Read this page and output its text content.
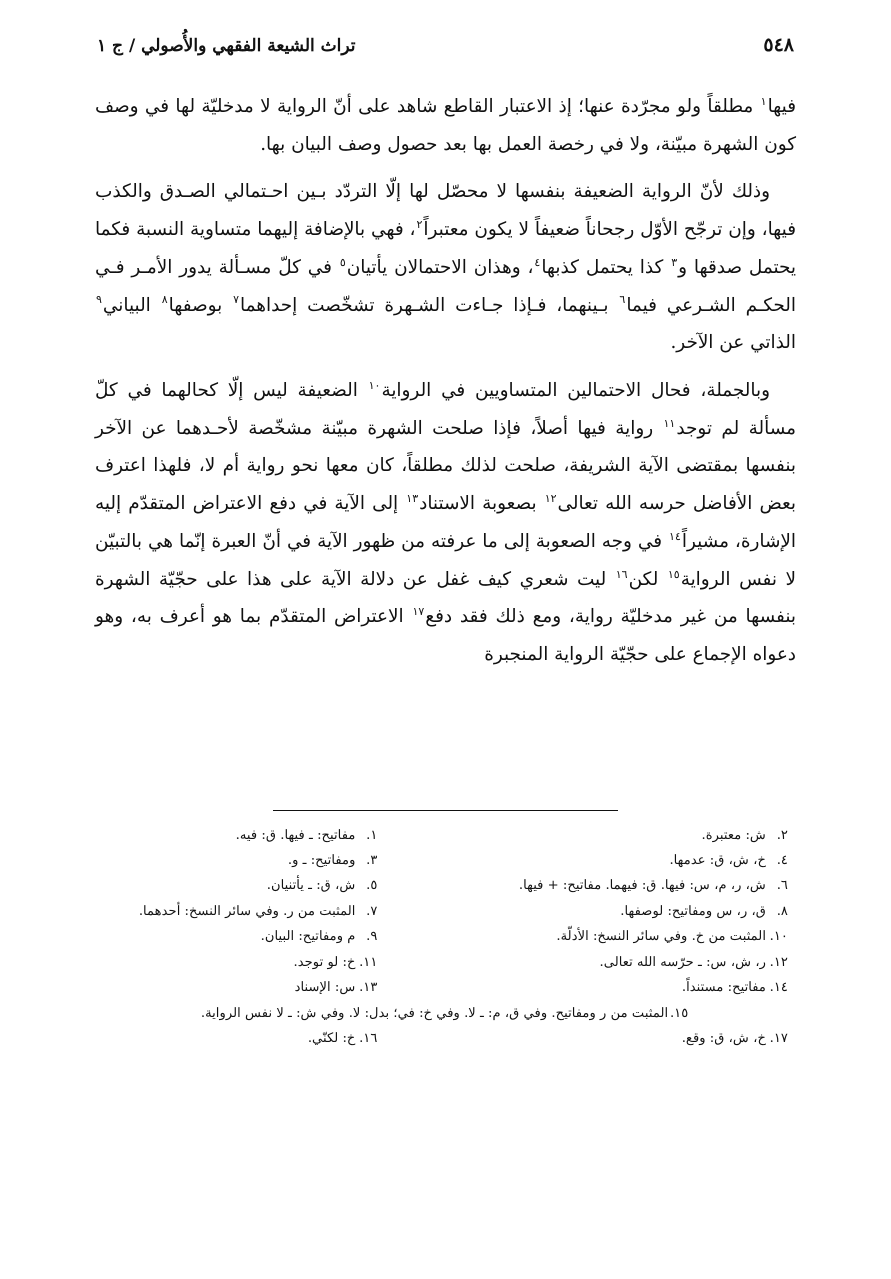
٥٤٨
تراث الشيعة الفقهي والأُصولي / ج ١

فيها$^١$ مطلقاً ولو مجرّدة عنها؛ إذ الاعتبار القاطع شاهد على أنّ الرواية لا مدخليّة لها في وصف كون الشهرة مبيّنة، ولا في رخصة العمل بها بعد حصول وصف البيان بها.

وذلك لأنّ الرواية الضعيفة بنفسها لا محصّل لها إلّا التردّد بـين احـتمالي الصـدق والكذب فيها، وإن ترجّح الأوّل رجحاناً ضعيفاً لا يكون معتبراً$^٢$، فهي بالإضافة إليهما متساوية النسبة فكما يحتمل صدقها و$^٣$ كذا يحتمل كذبها$^٤$، وهذان الاحتمالان يأتيان$^٥$ في كلّ مسـألة يدور الأمـر فـي الحكـم الشـرعي فيما$^٦$ بـينهما، فـإذا جـاءت الشـهرة تشخّصت إحداهما$^٧$ بوصفها$^٨$ البياني$^٩$ الذاتي عن الآخر.

وبالجملة، فحال الاحتمالين المتساويين في الرواية$^{١٠}$ الضعيفة ليس إلّا كحالهما في كلّ مسألة لم توجد$^{١١}$ رواية فيها أصلاً، فإذا صلحت الشهرة مبيّنة مشخّصة لأحـدهما عن الآخر بنفسها بمقتضى الآية الشريفة، صلحت لذلك مطلقاً، كان معها نحو رواية أم لا، فلهذا اعترف بعض الأفاضل حرسه الله تعالى$^{١٢}$ بصعوبة الاستناد$^{١٣}$ إلى الآية في دفع الاعتراض المتقدّم إليه الإشارة، مشيراً$^{١٤}$ في وجه الصعوبة إلى ما عرفته من ظهور الآية في أنّ العبرة إنّما هي بالتبيّن لا نفس الرواية$^{١٥}$ لكن$^{١٦}$ ليت شعري كيف غفل عن دلالة الآية على هذا على حجّيّة الشهرة بنفسها من غير مدخليّة رواية، ومع ذلك فقد دفع$^{١٧}$ الاعتراض المتقدّم بما هو أعرف به، وهو دعواه الإجماع على حجّيّة الرواية المنجبرة

٢.ش: معتبرة.	١.مفاتيح: ـ فيها. ق: فيه.
٤.خ، ش، ق: عدمها.	٣.ومفاتيح: ـ و.
٦.ش، ر، م، س: فيها. ق: فيهما. مفاتيح: + فيها.	٥.ش، ق: ـ يأتنيان.
٨.ق، ر، س ومفاتيح: لوصفها.	٧.المثبت من ر. وفي سائر النسخ: أحدهما.
١٠.المثبت من خ. وفي سائر النسخ: الأدلّة.	٩.م ومفاتيح: البيان.
١٢.ر، ش، س: ـ حرّسه الله تعالى.	١١.خ: لو توجد.
١٤.مفاتيح: مستنداً.	١٣.س: الإسناد
١٥.المثبت من ر ومفاتيح. وفي ق، م: ـ لا. وفي خ: في؛ بدل: لا. وفي ش: ـ لا نفس الرواية.	
١٧.خ، ش، ق: وقع.	١٦.خ: لكنّي.
